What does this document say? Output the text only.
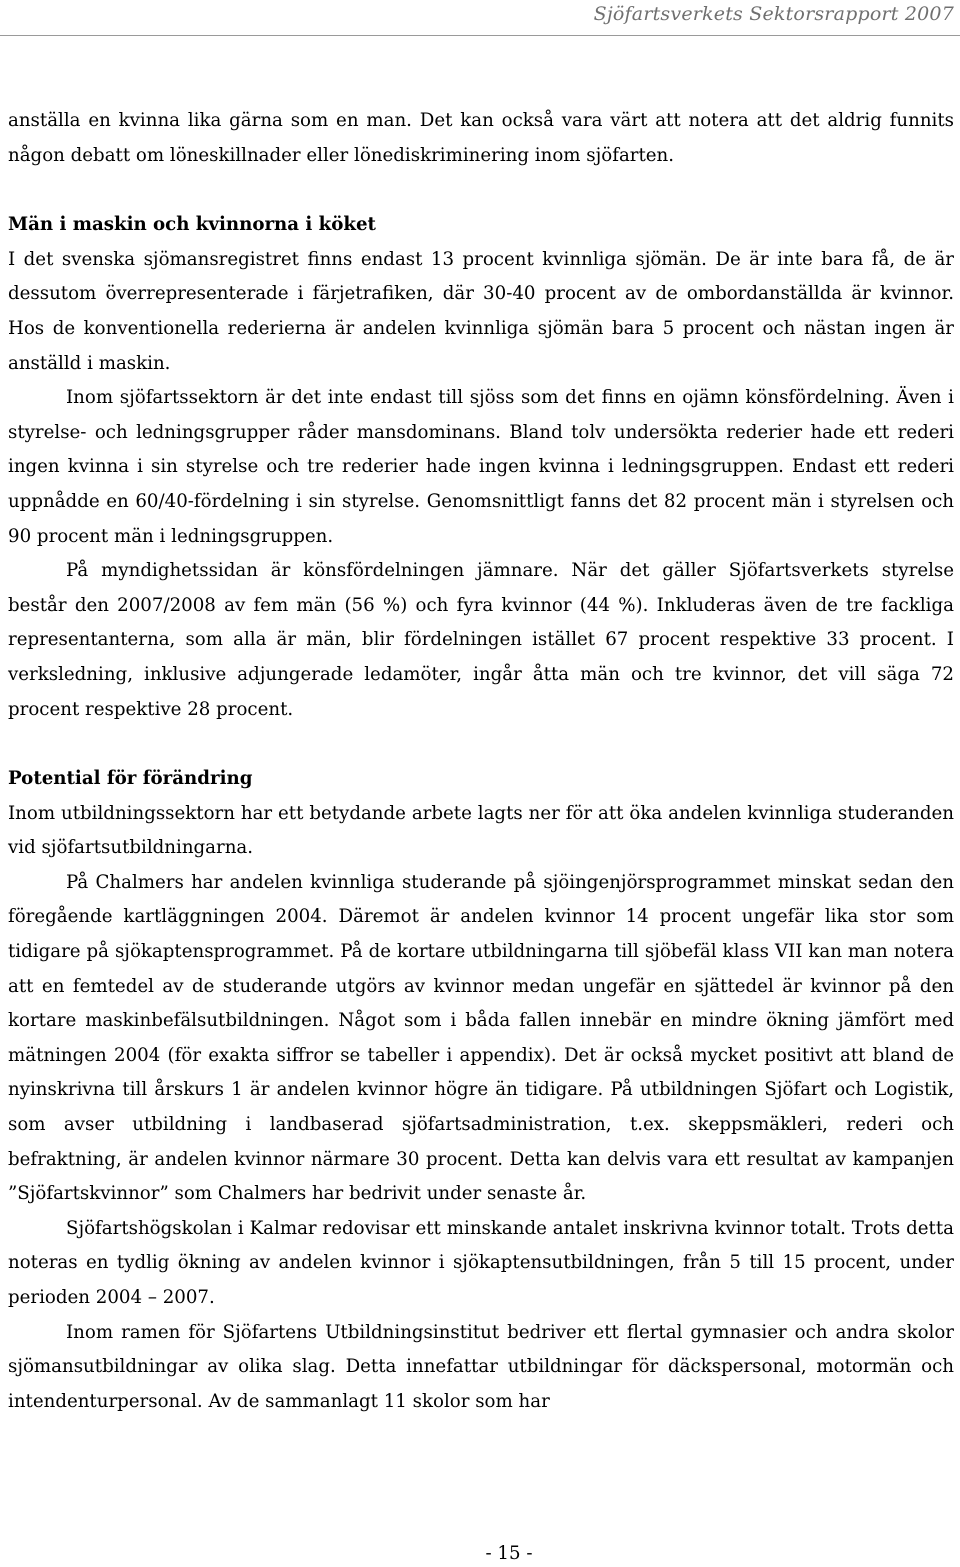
Sjöfartsverkets Sektorsrapport 2007

anställa en kvinna lika gärna som en man. Det kan också vara värt att notera att det aldrig funnits någon debatt om löneskillnader eller lönediskriminering inom sjöfarten.

Män i maskin och kvinnorna i köket

I det svenska sjömansregistret finns endast 13 procent kvinnliga sjömän. De är inte bara få, de är dessutom överrepresenterade i färjetrafiken, där 30-40 procent av de ombordanställda är kvinnor. Hos de konventionella rederierna är andelen kvinnliga sjömän bara 5 procent och nästan ingen är anställd i maskin.

Inom sjöfartssektorn är det inte endast till sjöss som det finns en ojämn könsfördelning. Även i styrelse- och ledningsgrupper råder mansdominans. Bland tolv undersökta rederier hade ett rederi ingen kvinna i sin styrelse och tre rederier hade ingen kvinna i ledningsgruppen. Endast ett rederi uppnådde en 60/40-fördelning i sin styrelse. Genomsnittligt fanns det 82 procent män i styrelsen och 90 procent män i ledningsgruppen.

På myndighetssidan är könsfördelningen jämnare. När det gäller Sjöfartsverkets styrelse består den 2007/2008 av fem män (56 %) och fyra kvinnor (44 %). Inkluderas även de tre fackliga representanterna, som alla är män, blir fördelningen istället 67 procent respektive 33 procent. I verksledning, inklusive adjungerade ledamöter, ingår åtta män och tre kvinnor, det vill säga 72 procent respektive 28 procent.

Potential för förändring

Inom utbildningssektorn har ett betydande arbete lagts ner för att öka andelen kvinnliga studeranden vid sjöfartsutbildningarna.

På Chalmers har andelen kvinnliga studerande på sjöingenjörsprogrammet minskat sedan den föregående kartläggningen 2004. Däremot är andelen kvinnor 14 procent ungefär lika stor som tidigare på sjökaptensprogrammet. På de kortare utbildningarna till sjöbefäl klass VII kan man notera att en femtedel av de studerande utgörs av kvinnor medan ungefär en sjättedel är kvinnor på den kortare maskinbefälsutbildningen. Något som i båda fallen innebär en mindre ökning jämfört med mätningen 2004 (för exakta siffror se tabeller i appendix). Det är också mycket positivt att bland de nyinskrivna till årskurs 1 är andelen kvinnor högre än tidigare. På utbildningen Sjöfart och Logistik, som avser utbildning i landbaserad sjöfartsadministration, t.ex. skeppsmäkleri, rederi och befraktning, är andelen kvinnor närmare 30 procent. Detta kan delvis vara ett resultat av kampanjen ”Sjöfartskvinnor” som Chalmers har bedrivit under senaste år.

Sjöfartshögskolan i Kalmar redovisar ett minskande antalet inskrivna kvinnor totalt. Trots detta noteras en tydlig ökning av andelen kvinnor i sjökaptensutbildningen, från 5 till 15 procent, under perioden 2004 – 2007.

Inom ramen för Sjöfartens Utbildningsinstitut bedriver ett flertal gymnasier och andra skolor sjömansutbildningar av olika slag. Detta innefattar utbildningar för däckspersonal, motormän och intendenturpersonal. Av de sammanlagt 11 skolor som har

- 15 -
